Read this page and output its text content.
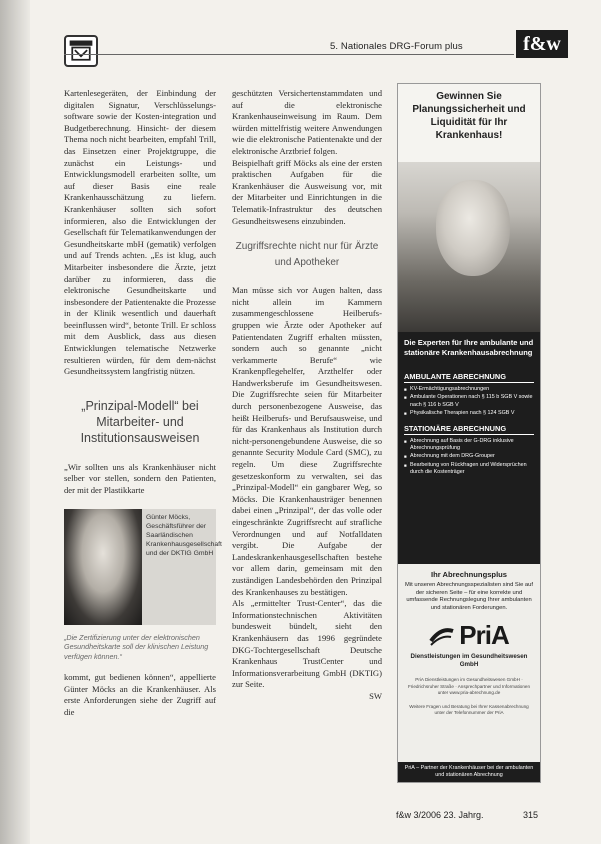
5. Nationales DRG-Forum plus	f&w

Kartenlesegeräten, der Einbindung der digitalen Signatur, Verschlüsselungs-software sowie der Kosten-integration und Budgetberechnung. Hinsicht- der diesem Thema noch nicht bearbeiten, empfahl Trill, das Einsetzen einer Projektgruppe, die zunächst ein Leistungs- und Entwicklungsmodell erarbeiten sollte, um auf dieser Basis eine reale Krankenhausschätzung zu liefern. Krankenhäuser sollten sich sofort informieren, also die Entwicklungen der Gesellschaft für Telematikanwendungen der Gesundheitskarte mbH (gematik) verfolgen und auf Trends achten. „Es ist klug, auch Mitarbeiter insbesondere die Ärzte, jetzt darüber zu informieren, dass die elektronische Gesundheitskarte und insbesondere der Patientenakte die Prozesse in der Klinik wesentlich und dauerhaft beeinflussen wird“, betonte Trill. Er schloss mit dem Ausblick, dass aus diesen Entwicklungen telematische Netzwerke resultieren würden, für dem dem-nächst Gesundheitssystem langfristig nützen.

„Prinzipal-Modell“ bei Mitarbeiter- und Institutionsausweisen

„Wir sollten uns als Krankenhäuser nicht selber vor stellen, sondern den Patienten, der mit der Plastikkarte

Günter Möcks, Geschäftsführer der Saarländischen Krankenhausgesellschaft und der DKTIG GmbH
„Die Zertifizierung unter der elektronischen Gesundheitskarte soll der klinischen Leistung verfügen können.“

kommt, gut bedienen können“, appellierte Günter Möcks an die Krankenhäuser. Als erste Anforderungen siehe der Zugriff auf die

geschützten Versichertenstammdaten und auf die elektronische Krankenhauseinweisung im Raum. Dem würden mittelfristig weitere Anwendungen wie die elektronische Patientenakte und der elektronische Arztbrief folgen.

Beispielhaft griff Möcks als eine der ersten praktischen Aufgaben für die Krankenhäuser die Ausweisung vor, mit der Mitarbeiter und Einrichtungen in die Telematik-Infrastruktur des deutschen Gesundheitswesens einzubinden.

Zugriffsrechte nicht nur für Ärzte und Apotheker

Man müsse sich vor Augen halten, dass nicht allein im Kammern zusammengeschlossene Heilberufs-gruppen wie Ärzte oder Apotheker auf Patientendaten Zugriff erhalten müssten, sondern auch so genannte „nicht verkammerte Berufe“ wie Krankenpflegehelfer, Arzthelfer oder Handwerksberufe im Gesundheitswesen. Die Zugriffsrechte seien für Mitarbeiter durch personenbezogene Ausweise, das heißt Heilberufs- und Berufsausweise, und für das Krankenhaus als Institution durch nicht-personengebundene Ausweise, die so genannte Security Module Card (SMC), zu regeln. Um diese Zugriffsrechte gesetzeskonform zu verwalten, sei das „Prinzipal-Modell“ ein gangbarer Weg, so Möcks. Die Krankenhausträger benennen dabei einen „Prinzipal“, der das volle oder eingeschränkte Zugriffsrecht auf strafliche Verordnungen und auf Notfalldaten vergibt. Die Aufgabe der Landeskrankenhausgesellschaften bestehe vor allem darin, gemeinsam mit den zuständigen Landesbehörden den Prinzipal des Krankenhauses zu bestätigen.

Als „ermittelter Trust-Center“, das die Informationstechnischen Aktivitäten bundesweit bündelt, sieht den Krankenhäusern das 1996 gegründete DKG-Tochtergesellschaft Deutsche Krankenhaus TrustCenter und Informationsverarbeitung GmbH (DKTIG) zur Seite.

SW

Gewinnen Sie Planungssicherheit und Liquidität für Ihr Krankenhaus!
Die Experten für Ihre ambulante und stationäre Krankenhausabrechnung
AMBULANTE ABRECHNUNG
■ KV-Ermächtigungsabrechnungen
■ Ambulante Operationen nach § 115 b SGB V sowie nach § 116 b SGB V
■ Physikalische Therapien nach § 124 SGB V
STATIONÄRE ABRECHNUNG
■ Abrechnung auf Basis der G-DRG inklusive Abrechnungsprüfung
■ Abrechnung mit dem DRG-Grouper
■ Bearbeitung von Rückfragen und Widersprüchen durch die Kostenträger
Ihr Abrechnungsplus
Mit unseren Abrechnungsspezialisten sind Sie auf der sicheren Seite – für eine korrekte und umfassende Rechnungslegung Ihrer ambulanten und stationären Forderungen.
PriA
Dienstleistungen im Gesundheitswesen GmbH
PriA Dienstleistungen im Gesundheitswesen GmbH · Friedrichsruher Straße · Ansprechpartner und Informationen unter www.pria-abrechnung.de
Weitere Fragen und Beratung bei Ihrer Kassenabrechnung unter der Telefonnummer der PriA
PriA – Partner der Krankenhäuser bei der ambulanten und stationären Abrechnung
f&w 3/2006 23. Jahrg.	315
